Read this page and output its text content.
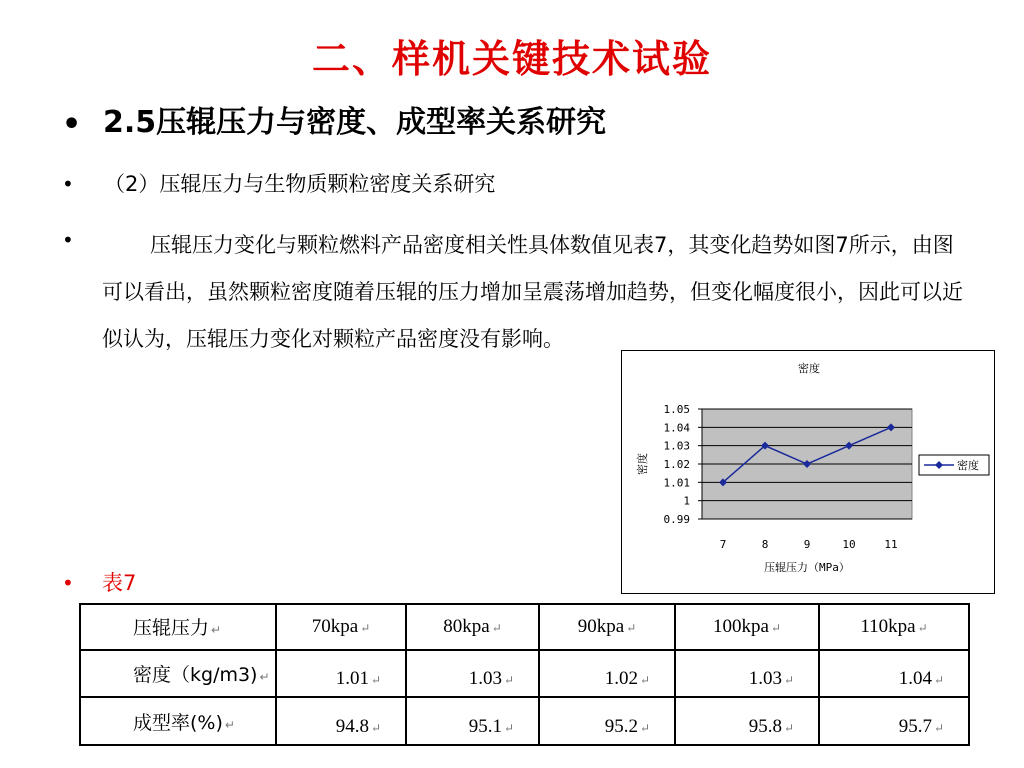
二、样机关键技术试验
• 2.5压辊压力与密度、成型率关系研究
• （2）压辊压力与生物质颗粒密度关系研究
•	压辊压力变化与颗粒燃料产品密度相关性具体数值见表7，其变化趋势如图7所示，由图可以看出，虽然颗粒密度随着压辊的压力增加呈震荡增加趋势，但变化幅度很小，因此可以近似认为，压辊压力变化对颗粒产品密度没有影响。
密度
0.99
1
1.01
1.02
1.03
1.04
1.05
7	8	9	10	11
密度
压辊压力（MPa）
密度
• 表7
压辊压力 ↵	70kpa ↵	80kpa ↵	90kpa ↵	100kpa ↵	110kpa ↵
密度（kg/m3) ↵	1.01 ↵	1.03 ↵	1.02 ↵	1.03 ↵	1.04 ↵
成型率(%) ↵	94.8 ↵	95.1 ↵	95.2 ↵	95.8 ↵	95.7 ↵
